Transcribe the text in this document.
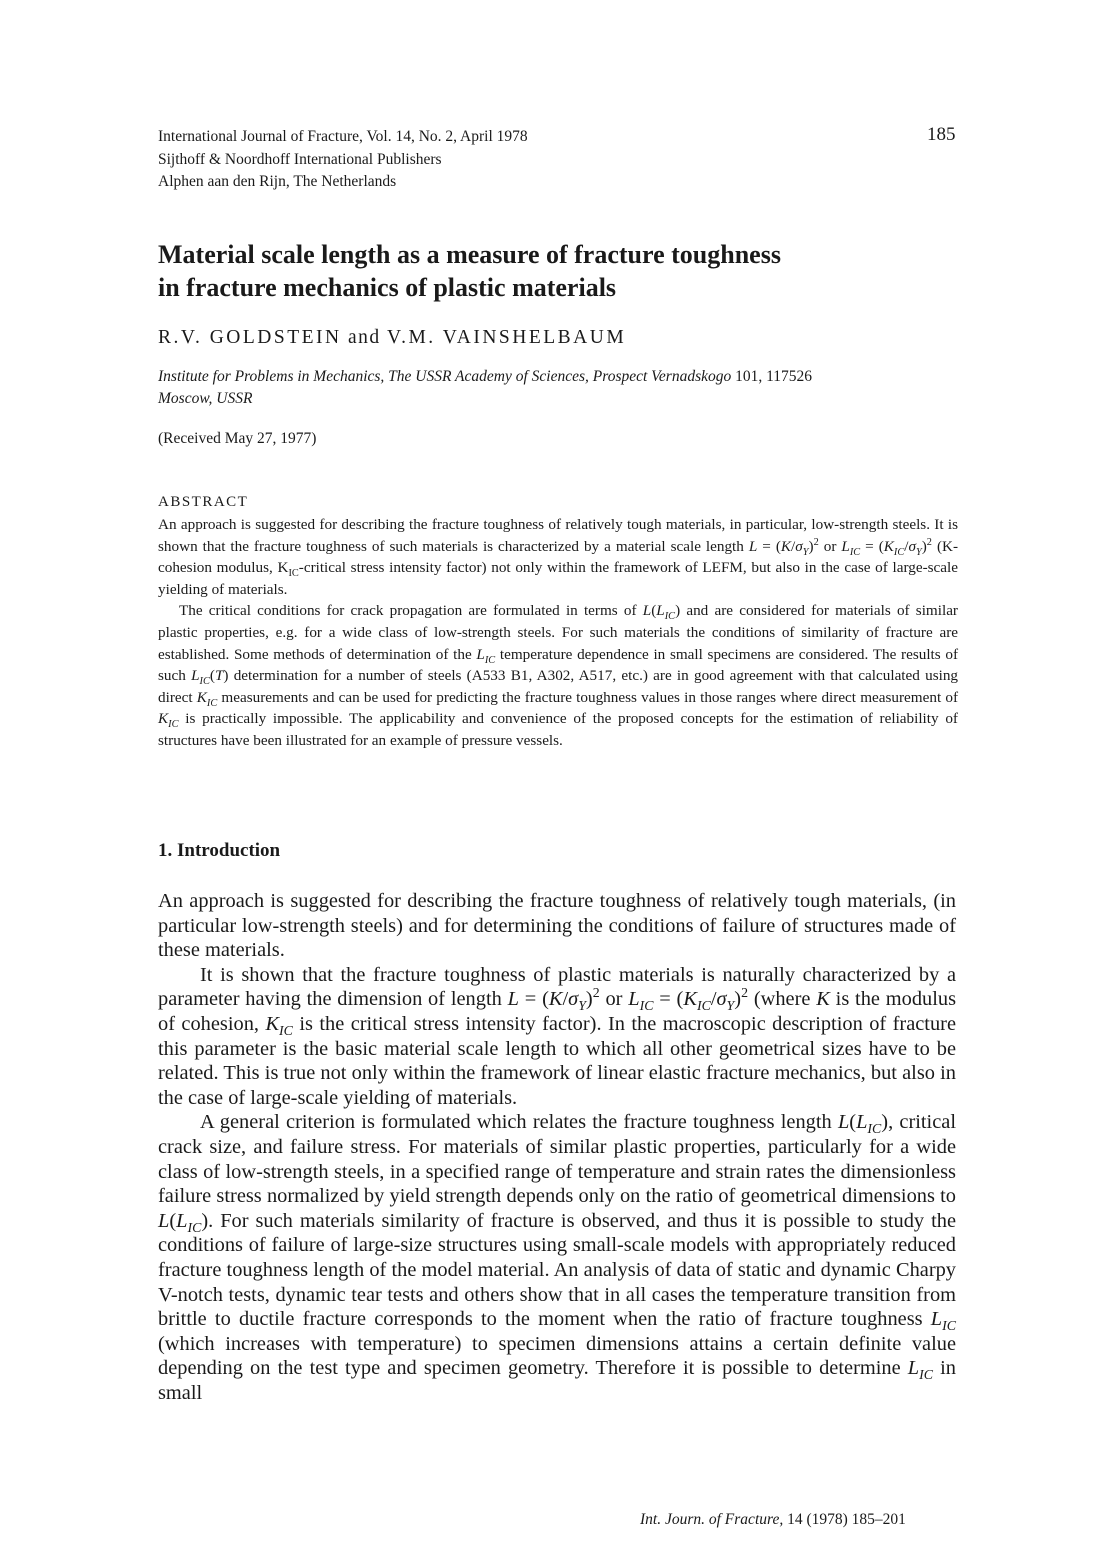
International Journal of Fracture, Vol. 14, No. 2, April 1978
Sijthoff & Noordhoff International Publishers
Alphen aan den Rijn, The Netherlands
185
Material scale length as a measure of fracture toughness
in fracture mechanics of plastic materials
R.V. GOLDSTEIN and V.M. VAINSHELBAUM
Institute for Problems in Mechanics, The USSR Academy of Sciences, Prospect Vernadskogo 101, 117526
Moscow, USSR
(Received May 27, 1977)
ABSTRACT

An approach is suggested for describing the fracture toughness of relatively tough materials, in particular, low-strength steels. It is shown that the fracture toughness of such materials is characterized by a material scale length $L = (K/\sigma_Y)^2$ or $L_{IC} = (K_{IC}/\sigma_Y)^2$ (K-cohesion modulus, $K_{IC}$-critical stress intensity factor) not only within the framework of LEFM, but also in the case of large-scale yielding of materials.

The critical conditions for crack propagation are formulated in terms of $L(L_{IC})$ and are considered for materials of similar plastic properties, e.g. for a wide class of low-strength steels. For such materials the conditions of similarity of fracture are established. Some methods of determination of the $L_{IC}$ temperature dependence in small specimens are considered. The results of such $L_{IC}(T)$ determination for a number of steels (A533 B1, A302, A517, etc.) are in good agreement with that calculated using direct $K_{IC}$ measurements and can be used for predicting the fracture toughness values in those ranges where direct measurement of $K_{IC}$ is practically impossible. The applicability and convenience of the proposed concepts for the estimation of reliability of structures have been illustrated for an example of pressure vessels.

1. Introduction

An approach is suggested for describing the fracture toughness of relatively tough materials, (in particular low-strength steels) and for determining the conditions of failure of structures made of these materials.

It is shown that the fracture toughness of plastic materials is naturally characterized by a parameter having the dimension of length $L = (K/\sigma_Y)^2$ or $L_{IC} = (K_{IC}/\sigma_Y)^2$ (where K is the modulus of cohesion, $K_{IC}$ is the critical stress intensity factor). In the macroscopic description of fracture this parameter is the basic material scale length to which all other geometrical sizes have to be related. This is true not only within the framework of linear elastic fracture mechanics, but also in the case of large-scale yielding of materials.

A general criterion is formulated which relates the fracture toughness length $L(L_{IC})$, critical crack size, and failure stress. For materials of similar plastic properties, particularly for a wide class of low-strength steels, in a specified range of temperature and strain rates the dimensionless failure stress normalized by yield strength depends only on the ratio of geometrical dimensions to $L(L_{IC})$. For such materials similarity of fracture is observed, and thus it is possible to study the conditions of failure of large-size structures using small-scale models with appropriately reduced fracture toughness length of the model material. An analysis of data of static and dynamic Charpy V-notch tests, dynamic tear tests and others show that in all cases the temperature transition from brittle to ductile fracture corresponds to the moment when the ratio of fracture toughness $L_{IC}$ (which increases with temperature) to specimen dimensions attains a certain definite value depending on the test type and specimen geometry. Therefore it is possible to determine $L_{IC}$ in small

Int. Journ. of Fracture, 14 (1978) 185–201
